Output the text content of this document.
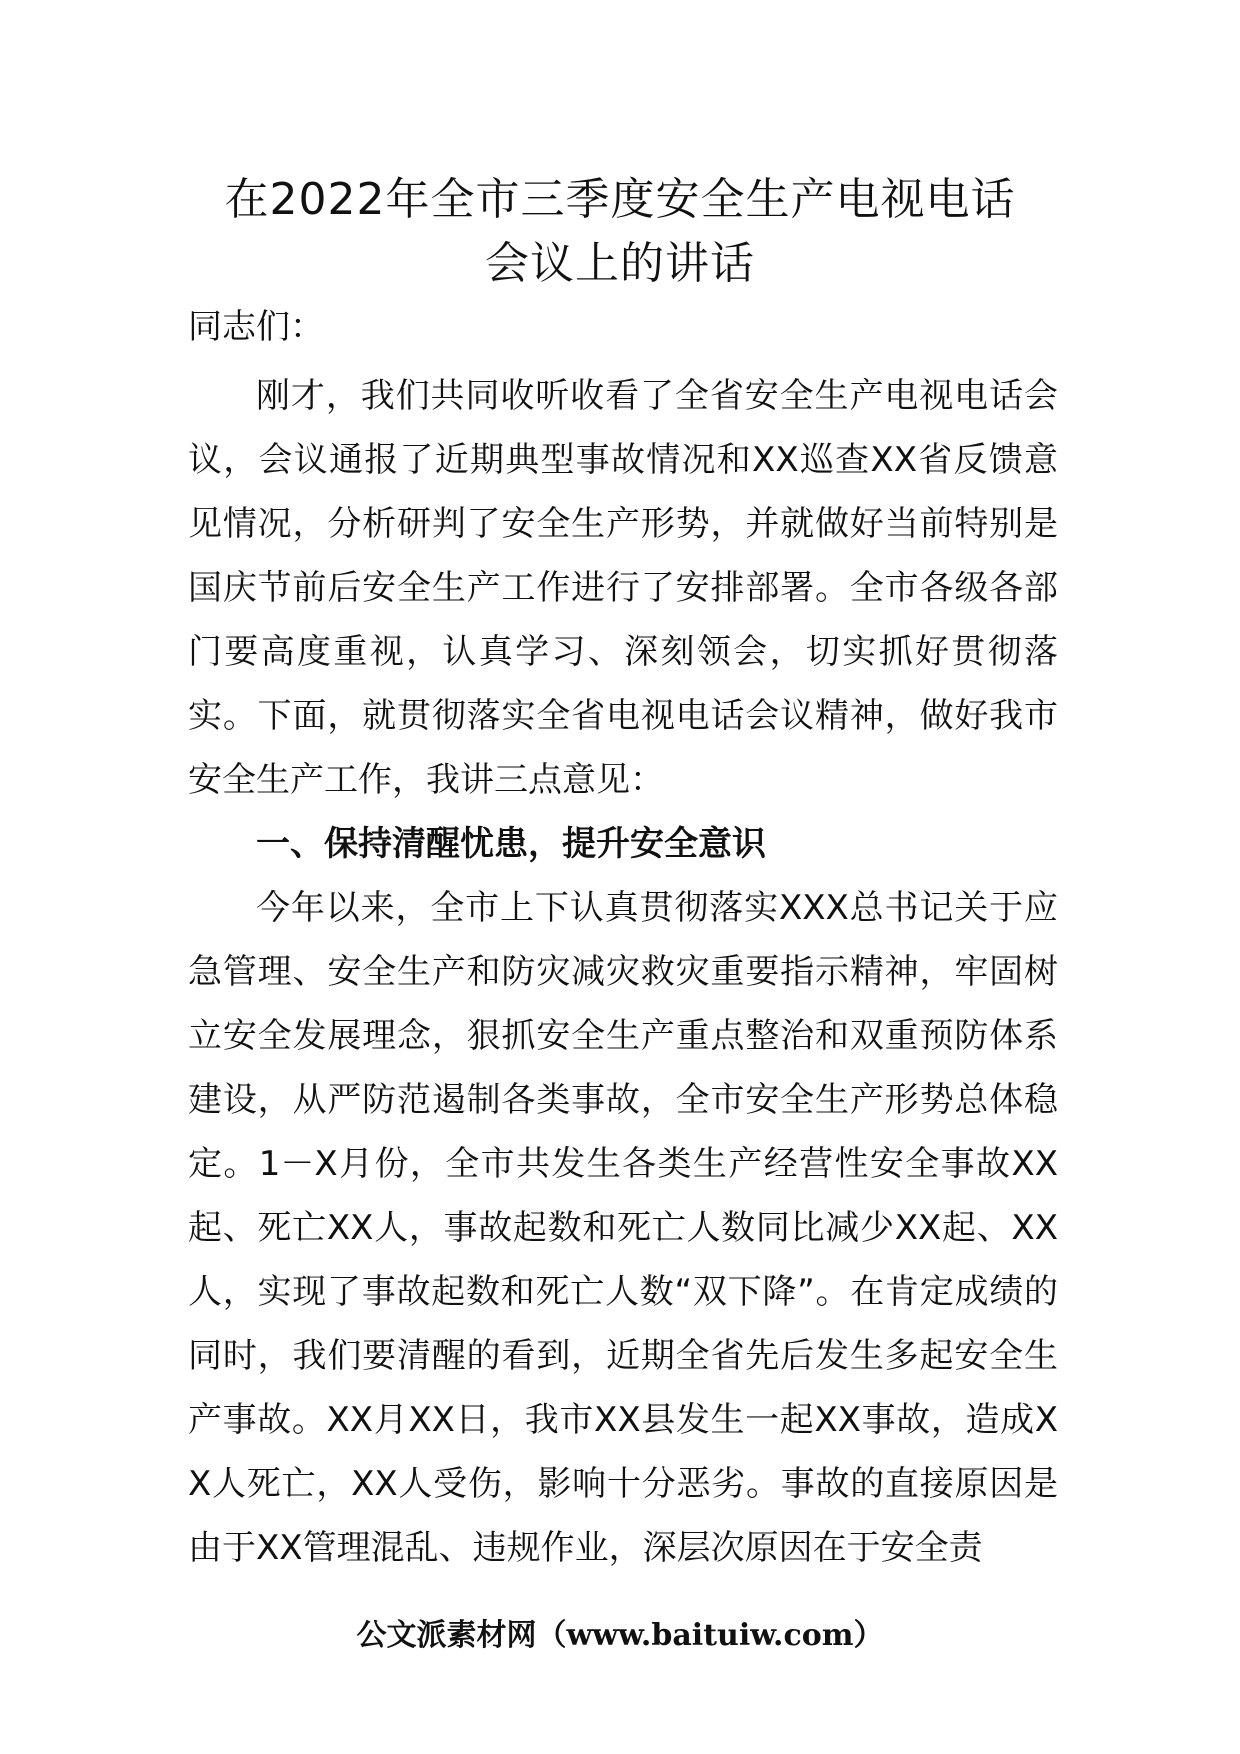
在2022年全市三季度安全生产电视电话
会议上的讲话

同志们：

刚才，我们共同收听收看了全省安全生产电视电话会议，会议通报了近期典型事故情况和XX巡查XX省反馈意见情况，分析研判了安全生产形势，并就做好当前特别是国庆节前后安全生产工作进行了安排部署。全市各级各部门要高度重视，认真学习、深刻领会，切实抓好贯彻落实。下面，就贯彻落实全省电视电话会议精神，做好我市安全生产工作，我讲三点意见：

一、保持清醒忧患，提升安全意识

今年以来，全市上下认真贯彻落实XXX总书记关于应急管理、安全生产和防灾减灾救灾重要指示精神，牢固树立安全发展理念，狠抓安全生产重点整治和双重预防体系建设，从严防范遏制各类事故，全市安全生产形势总体稳定。1－X月份，全市共发生各类生产经营性安全事故XX起、死亡XX人，事故起数和死亡人数同比减少XX起、XX人，实现了事故起数和死亡人数“双下降”。在肯定成绩的同时，我们要清醒的看到，近期全省先后发生多起安全生产事故。XX月XX日，我市XX县发生一起XX事故，造成XX人死亡，XX人受伤，影响十分恶劣。事故的直接原因是由于XX管理混乱、违规作业，深层次原因在于安全责

公文派素材网（www.baituiw.com）
